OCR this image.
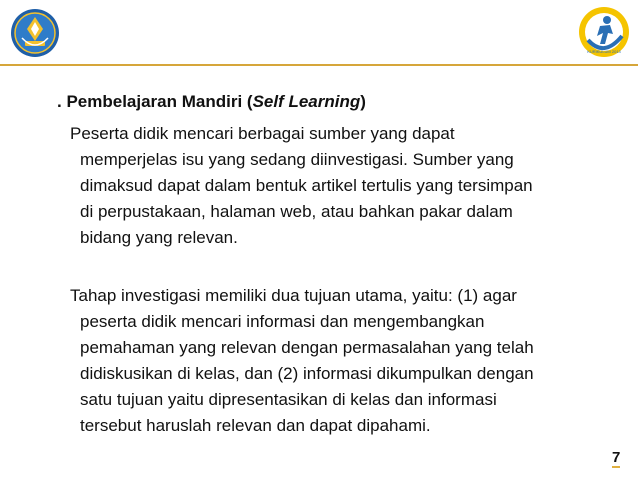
KURIKULUM 2013
. Pembelajaran Mandiri (Self Learning)

Peserta didik mencari berbagai sumber yang dapat
memperjelas isu yang sedang diinvestigasi. Sumber yang
dimaksud dapat dalam bentuk artikel tertulis yang tersimpan
di perpustakaan, halaman web, atau bahkan pakar dalam
bidang yang relevan.

Tahap investigasi memiliki dua tujuan utama, yaitu: (1) agar
peserta didik mencari informasi dan mengembangkan
pemahaman yang relevan dengan permasalahan yang telah
didiskusikan di kelas, dan (2) informasi dikumpulkan dengan
satu tujuan yaitu dipresentasikan di kelas dan informasi
tersebut haruslah relevan dan dapat dipahami.

7
